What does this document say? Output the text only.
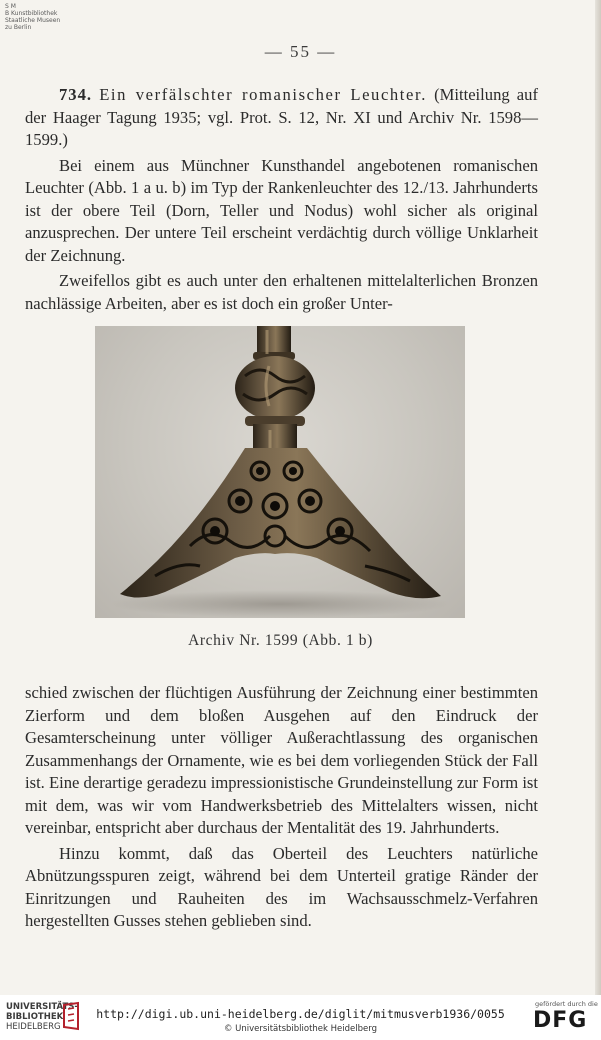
S M
B Kunstbibliothek
Staatliche Museen
zu Berlin
— 55 —

734. Ein verfälschter romanischer Leuchter. (Mitteilung auf der Haager Tagung 1935; vgl. Prot. S. 12, Nr. XI und Archiv Nr. 1598—1599.)

Bei einem aus Münchner Kunsthandel angebotenen romanischen Leuchter (Abb. 1 a u. b) im Typ der Rankenleuchter des 12./13. Jahrhunderts ist der obere Teil (Dorn, Teller und Nodus) wohl sicher als original anzusprechen. Der untere Teil erscheint verdächtig durch völlige Unklarheit der Zeichnung.

Zweifellos gibt es auch unter den erhaltenen mittelalterlichen Bronzen nachlässige Arbeiten, aber es ist doch ein großer Unter-

Archiv Nr. 1599 (Abb. 1 b)

schied zwischen der flüchtigen Ausführung der Zeichnung einer bestimmten Zierform und dem bloßen Ausgehen auf den Eindruck der Gesamterscheinung unter völliger Außerachtlassung des organischen Zusammenhangs der Ornamente, wie es bei dem vorliegenden Stück der Fall ist. Eine derartige geradezu impressionistische Grundeinstellung zur Form ist mit dem, was wir vom Handwerksbetrieb des Mittelalters wissen, nicht vereinbar, entspricht aber durchaus der Mentalität des 19. Jahrhunderts.

Hinzu kommt, daß das Oberteil des Leuchters natürliche Abnützungsspuren zeigt, während bei dem Unterteil gratige Ränder der Einritzungen und Rauheiten des im Wachsausschmelz-Verfahren hergestellten Gusses stehen geblieben sind.

UNIVERSITÄTS-
BIBLIOTHEK
HEIDELBERG
http://digi.ub.uni-heidelberg.de/diglit/mitmusverb1936/0055
© Universitätsbibliothek Heidelberg
gefördert durch die
DFG
